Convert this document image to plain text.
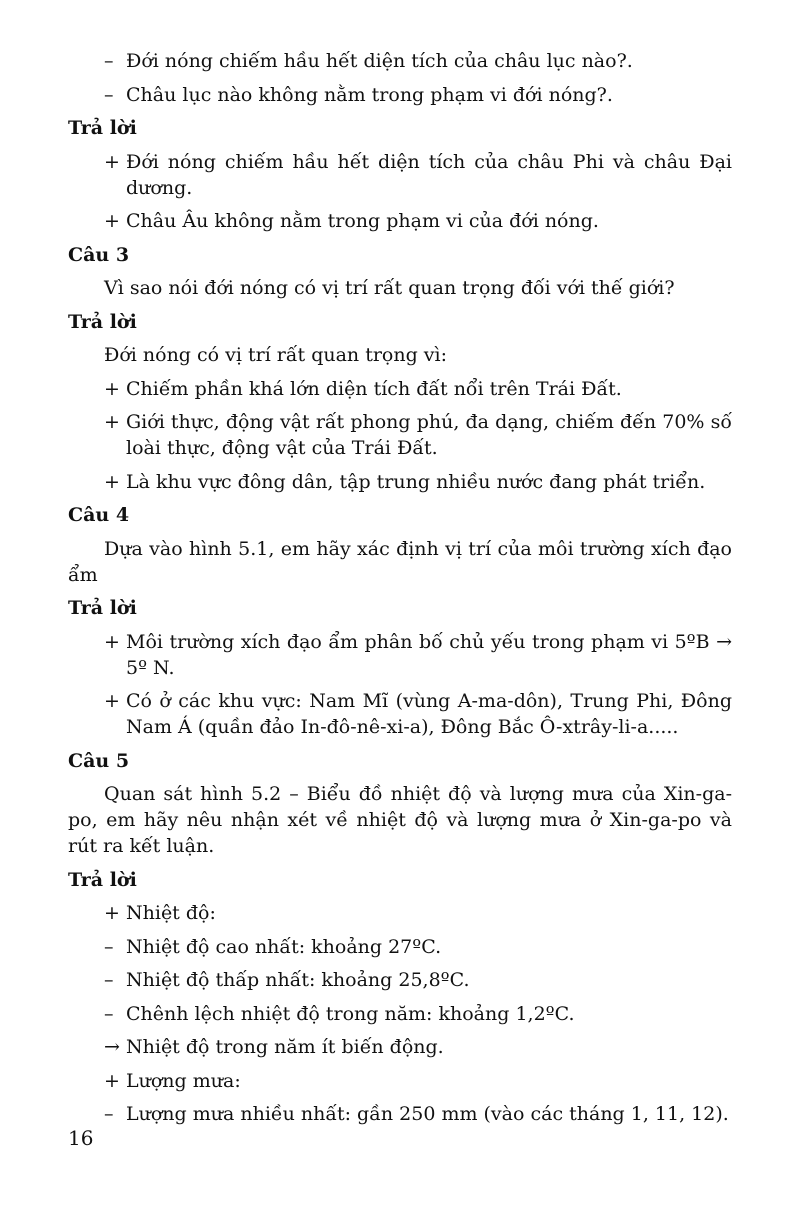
– Đới nóng chiếm hầu hết diện tích của châu lục nào?.
– Châu lục nào không nằm trong phạm vi đới nóng?.
Trả lời
+ Đới nóng chiếm hầu hết diện tích của châu Phi và châu Đại dương.
+ Châu Âu không nằm trong phạm vi của đới nóng.
Câu 3
Vì sao nói đới nóng có vị trí rất quan trọng đối với thế giới?
Trả lời
Đới nóng có vị trí rất quan trọng vì:
+ Chiếm phần khá lớn diện tích đất nổi trên Trái Đất.
+ Giới thực, động vật rất phong phú, đa dạng, chiếm đến 70% số loài thực, động vật của Trái Đất.
+ Là khu vực đông dân, tập trung nhiều nước đang phát triển.
Câu 4
Dựa vào hình 5.1, em hãy xác định vị trí của môi trường xích đạo ẩm
Trả lời
+ Môi trường xích đạo ẩm phân bố chủ yếu trong phạm vi 5ºB → 5º N.
+ Có ở các khu vực: Nam Mĩ (vùng A-ma-dôn), Trung Phi, Đông Nam Á (quần đảo In-đô-nê-xi-a), Đông Bắc Ô-xtrây-li-a.....
Câu 5
Quan sát hình 5.2 – Biểu đồ nhiệt độ và lượng mưa của Xin-ga-po, em hãy nêu nhận xét về nhiệt độ và lượng mưa ở Xin-ga-po và rút ra kết luận.
Trả lời
+ Nhiệt độ:
– Nhiệt độ cao nhất: khoảng 27ºC.
– Nhiệt độ thấp nhất: khoảng 25,8ºC.
– Chênh lệch nhiệt độ trong năm: khoảng 1,2ºC.
→ Nhiệt độ trong năm ít biến động.
+ Lượng mưa:
– Lượng mưa nhiều nhất: gần 250 mm (vào các tháng 1, 11, 12).
16
